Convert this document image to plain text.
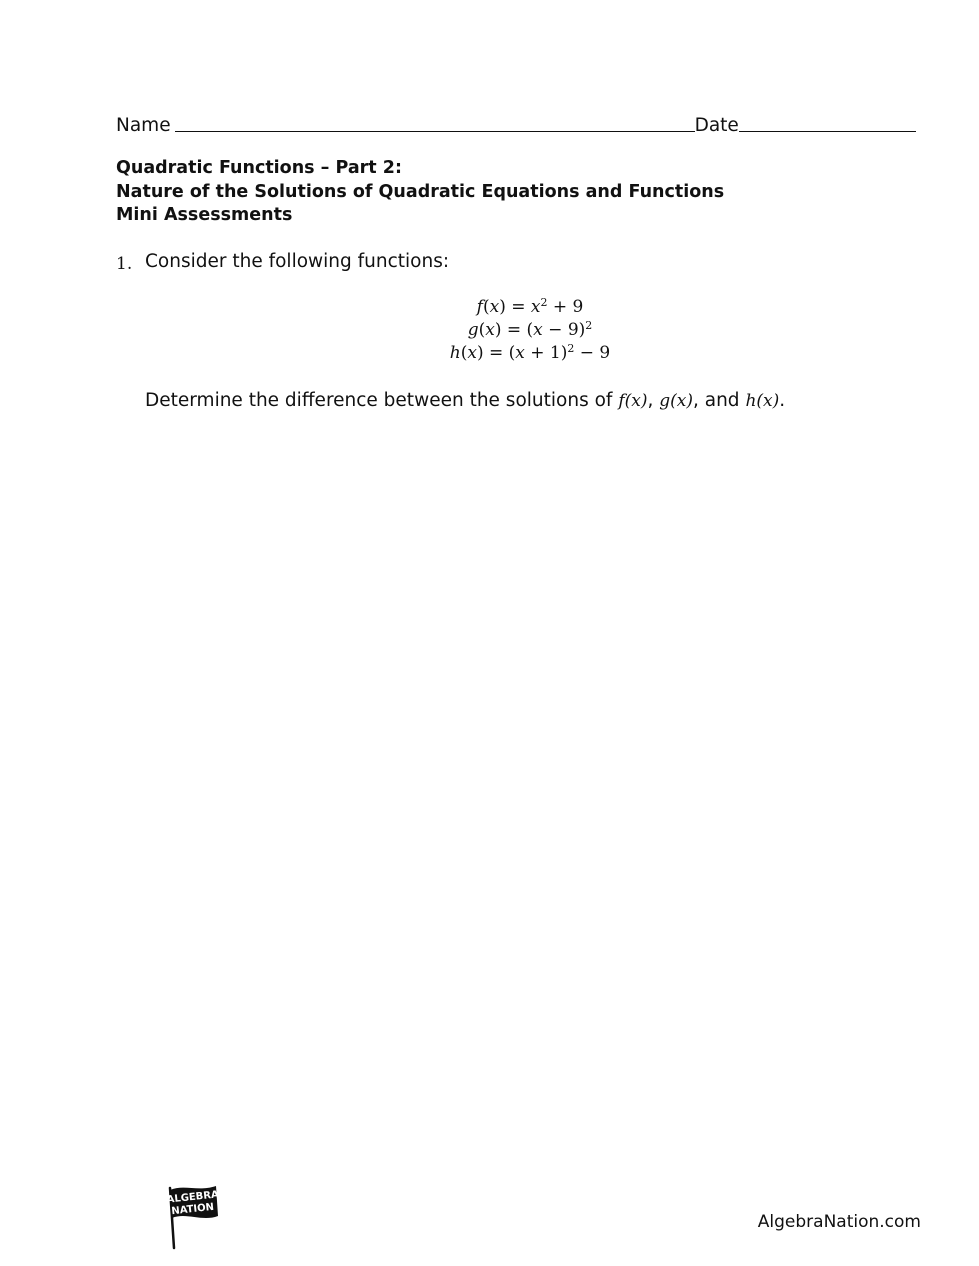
Name	Date
Quadratic Functions – Part 2:
Nature of the Solutions of Quadratic Equations and Functions
Mini Assessments
1. Consider the following functions:
$f(x) = x^2 + 9$
$g(x) = (x - 9)^2$
$h(x) = (x + 1)^2 - 9$
Determine the difference between the solutions of f(x), g(x), and h(x).
ALGEBRA
NATION
AlgebraNation.com
